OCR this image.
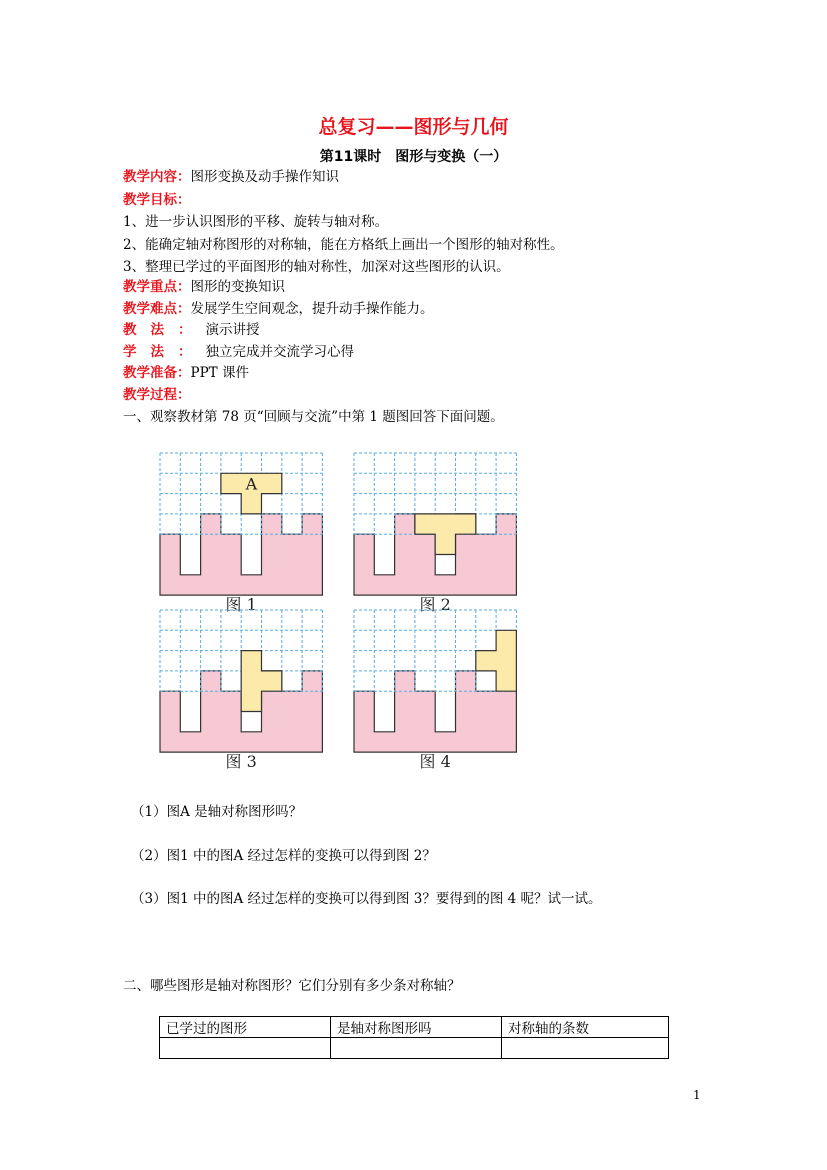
总复习——图形与几何
第11课时　图形与变换（一）
教学内容：图形变换及动手操作知识
教学目标：
1、进一步认识图形的平移、旋转与轴对称。
2、能确定轴对称图形的对称轴，能在方格纸上画出一个图形的轴对称性。
3、整理已学过的平面图形的轴对称性，加深对这些图形的认识。
教学重点：图形的变换知识
教学难点：发展学生空间观念，提升动手操作能力。
教法：演示讲授
学法：独立完成并交流学习心得
教学准备：PPT 课件
教学过程：
一、观察教材第 78 页“回顾与交流”中第 1 题图回答下面问题。
A
图 1	图 2
图 3	图 4
（1）图A 是轴对称图形吗？
（2）图1 中的图A 经过怎样的变换可以得到图 2？
（3）图1 中的图A 经过怎样的变换可以得到图 3？要得到的图 4 呢？试一试。
二、哪些图形是轴对称图形？它们分别有多少条对称轴？
已学过的图形	是轴对称图形吗	对称轴的条数

1
